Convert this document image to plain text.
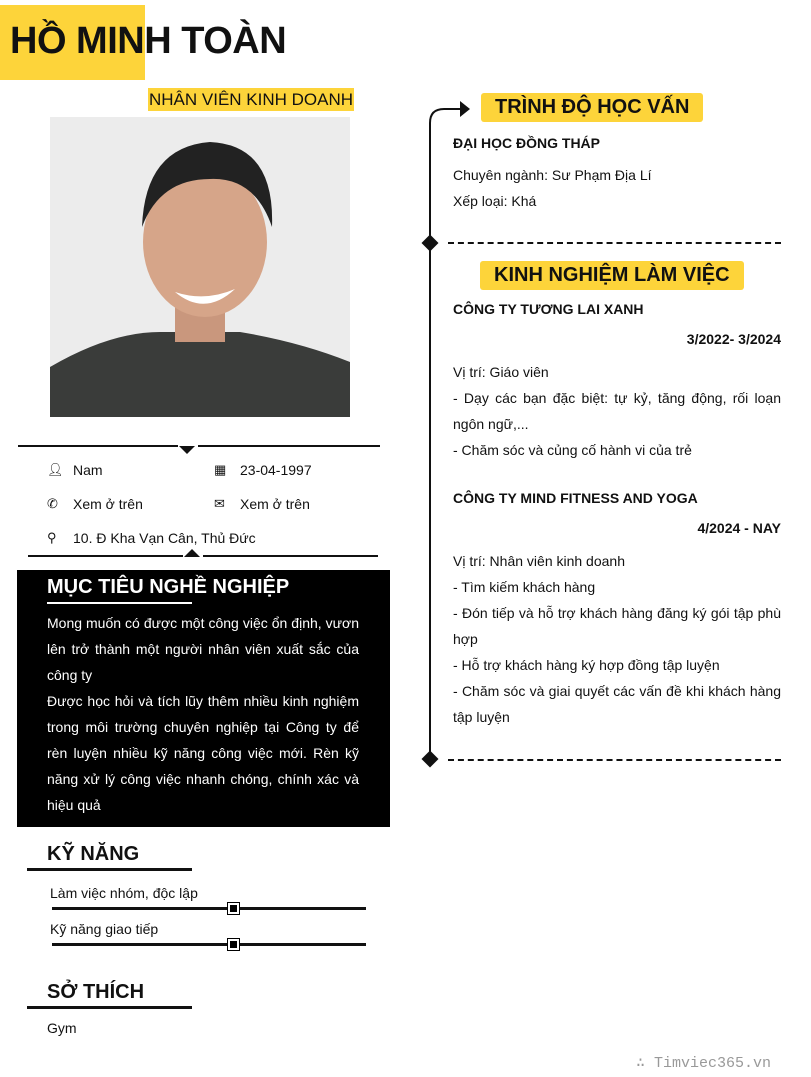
HỒ MINH TOÀN
NHÂN VIÊN KINH DOANH
👤︎ Nam	▦ 23-04-1997
✆	Xem ở trên	✉	Xem ở trên
⚲	10. Đ Kha Vạn Cân, Thủ Đức
MỤC TIÊU NGHỀ NGHIỆP

Mong muốn có được một công việc ổn định, vươn lên trở thành một người nhân viên xuất sắc của công ty
Được học hỏi và tích lũy thêm nhiều kinh nghiệm trong môi trường chuyên nghiệp tại Công ty để rèn luyện nhiều kỹ năng công việc mới. Rèn kỹ năng xử lý công việc nhanh chóng, chính xác và hiệu quả

KỸ NĂNG
Làm việc nhóm, độc lập
Kỹ năng giao tiếp
SỞ THÍCH
Gym
TRÌNH ĐỘ HỌC VẤN
ĐẠI HỌC ĐỒNG THÁP
Chuyên ngành: Sư Phạm Địa Lí
Xếp loại: Khá
KINH NGHIỆM LÀM VIỆC
CÔNG TY TƯƠNG LAI XANH
3/2022- 3/2024
Vị trí: Giáo viên
- Dạy các bạn đặc biệt: tự kỷ, tăng động, rối loạn ngôn ngữ,...
- Chăm sóc và củng cố hành vi của trẻ
CÔNG TY MIND FITNESS AND YOGA
4/2024 - NAY
Vị trí: Nhân viên kinh doanh
- Tìm kiếm khách hàng
- Đón tiếp và hỗ trợ khách hàng đăng ký gói tập phù hợp
- Hỗ trợ khách hàng ký hợp đồng tập luyện
- Chăm sóc và giai quyết các vấn đề khi khách hàng tập luyện
∴ Timviec365.vn
